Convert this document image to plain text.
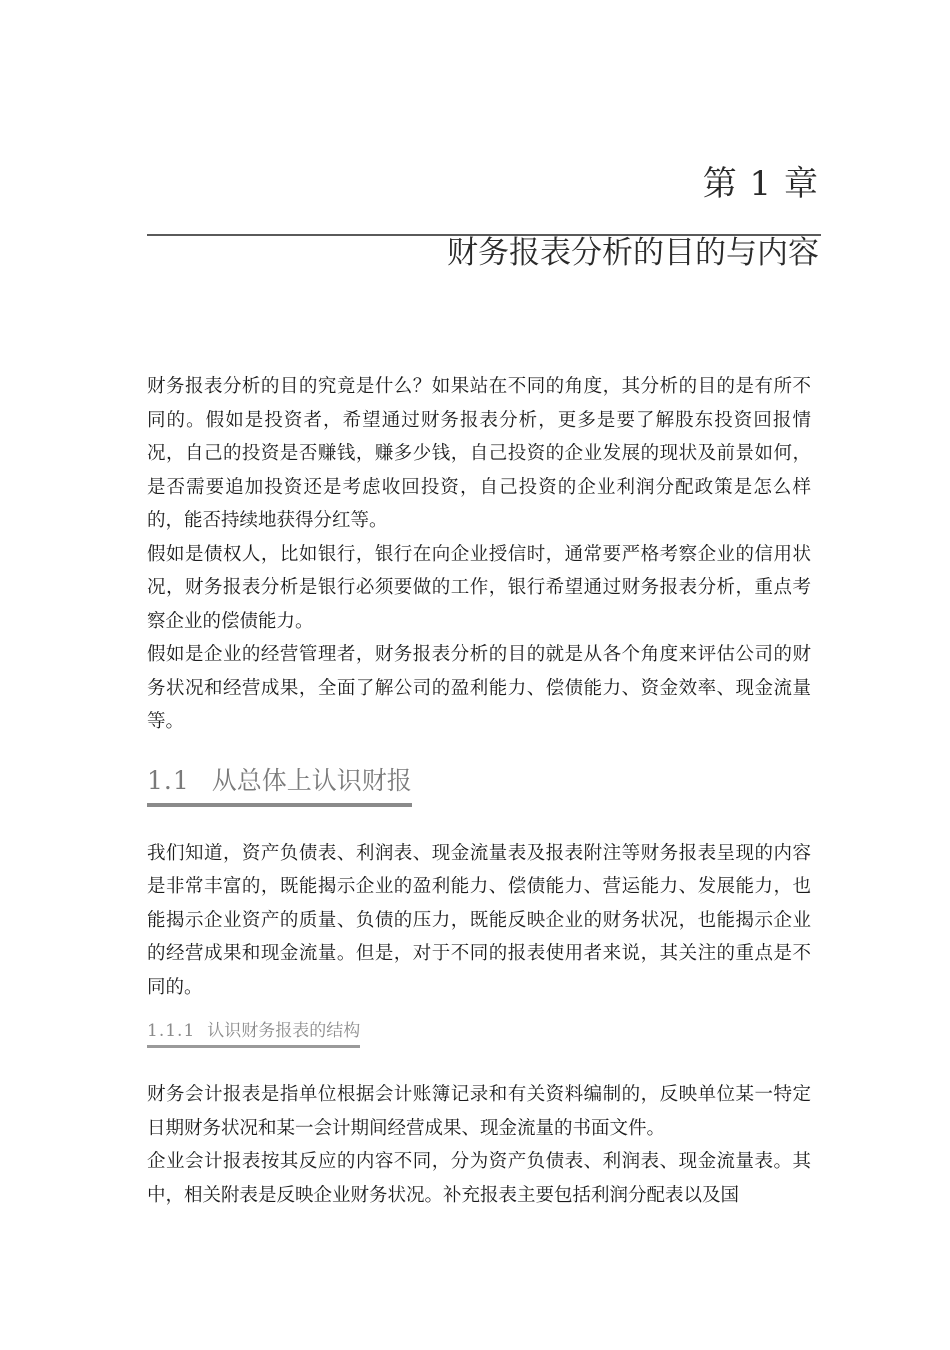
第 1 章
财务报表分析的目的与内容

财务报表分析的目的究竟是什么？如果站在不同的角度，其分析的目的是有所不同的。假如是投资者，希望通过财务报表分析，更多是要了解股东投资回报情况，自己的投资是否赚钱，赚多少钱，自己投资的企业发展的现状及前景如何，是否需要追加投资还是考虑收回投资，自己投资的企业利润分配政策是怎么样的，能否持续地获得分红等。

假如是债权人，比如银行，银行在向企业授信时，通常要严格考察企业的信用状况，财务报表分析是银行必须要做的工作，银行希望通过财务报表分析，重点考察企业的偿债能力。

假如是企业的经营管理者，财务报表分析的目的就是从各个角度来评估公司的财务状况和经营成果，全面了解公司的盈利能力、偿债能力、资金效率、现金流量等。

1.1 从总体上认识财报

我们知道，资产负债表、利润表、现金流量表及报表附注等财务报表呈现的内容是非常丰富的，既能揭示企业的盈利能力、偿债能力、营运能力、发展能力，也能揭示企业资产的质量、负债的压力，既能反映企业的财务状况，也能揭示企业的经营成果和现金流量。但是，对于不同的报表使用者来说，其关注的重点是不同的。

1.1.1 认识财务报表的结构

财务会计报表是指单位根据会计账簿记录和有关资料编制的，反映单位某一特定日期财务状况和某一会计期间经营成果、现金流量的书面文件。

企业会计报表按其反应的内容不同，分为资产负债表、利润表、现金流量表。其中，相关附表是反映企业财务状况。补充报表主要包括利润分配表以及国
